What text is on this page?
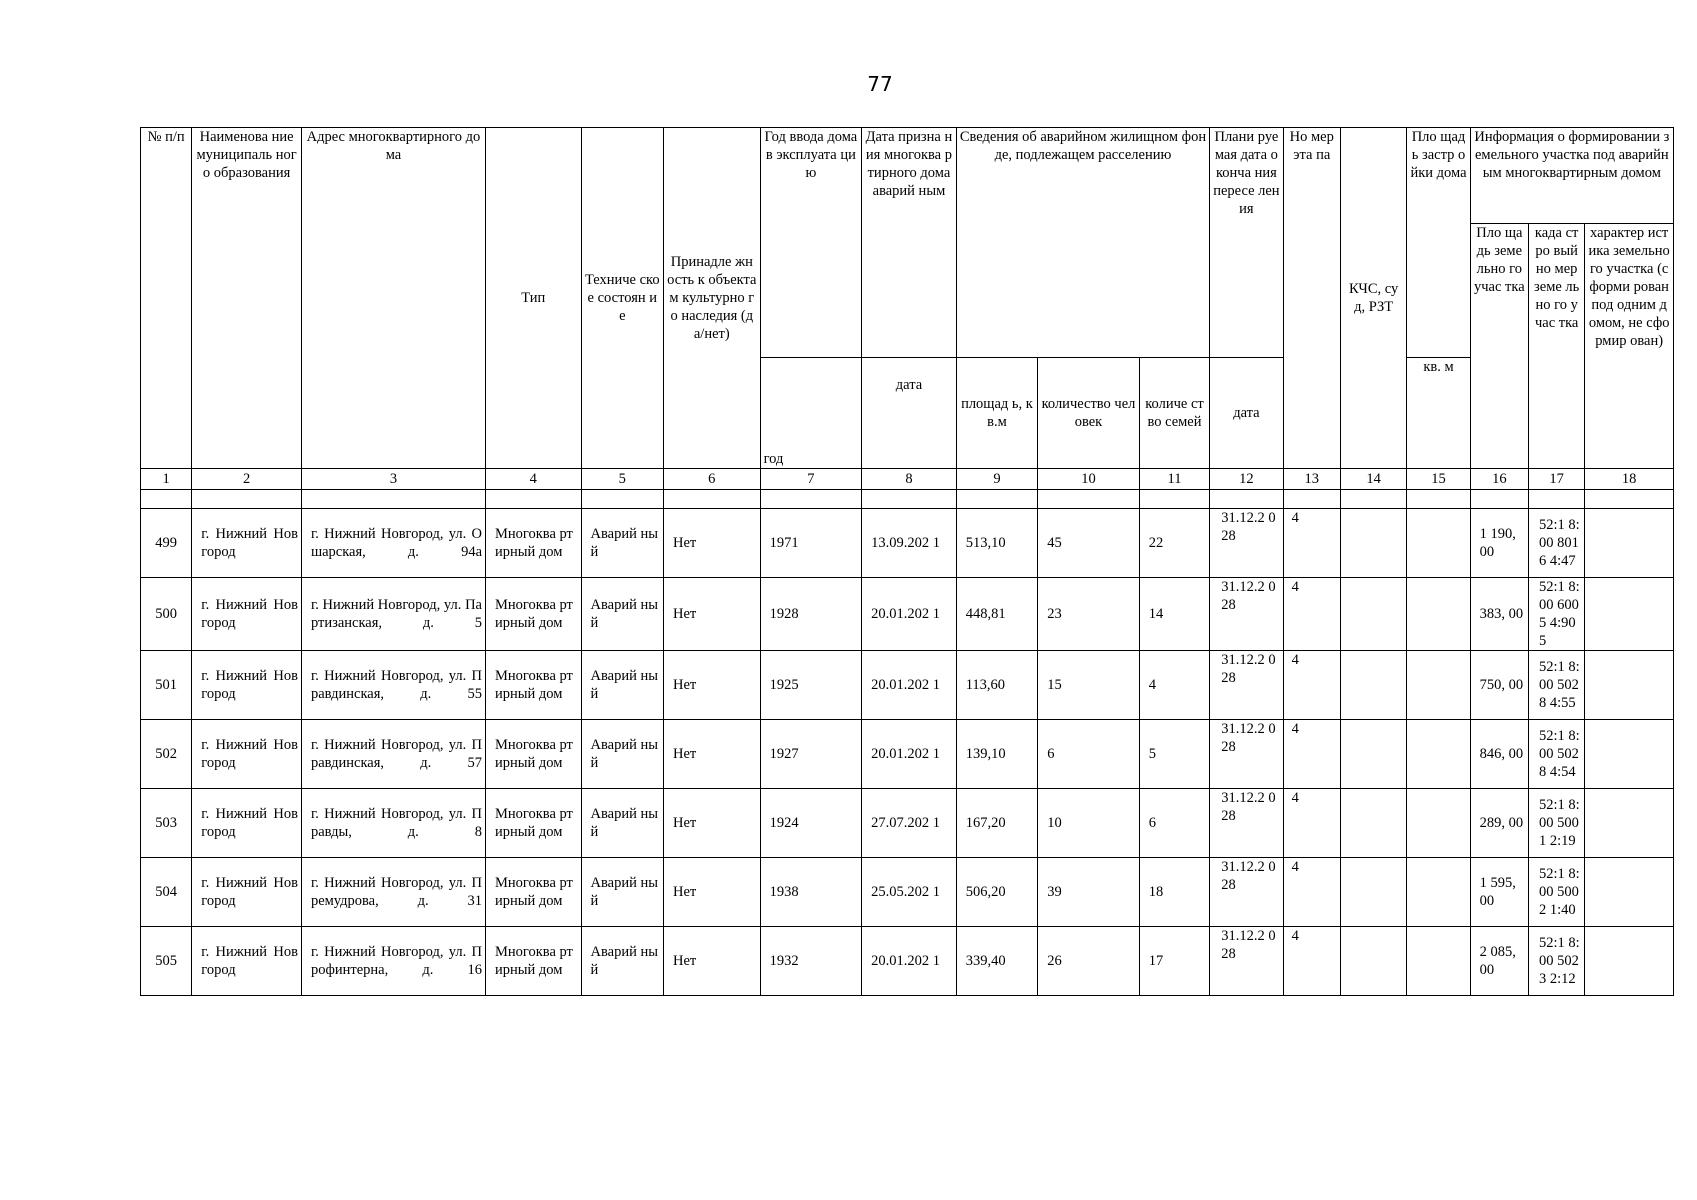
77
№ п/п	Наименова ние муниципаль ного образования	Адрес многоквартирного дома	Тип	Техниче ское состоян ие	Принадле жность к объектам культурно го наследия (да/нет)	Год ввода дома в эксплуата цию	Дата призна ния многоква ртирного дома аварий ным	Сведения об аварийном жилищном фонде, подлежащем расселению			Плани руемая дата оконча ния пересе ления	Но мер эта па	КЧС, суд, РЗТ	Пло щадь застр ойки дома	Информация о формировании земельного участка под аварийным многоквартирным домом		
															Пло щадь земе льно го учас тка	када стро вый но мер земе льно го учас тка	характер истика земельно го участка (сформи рован под одним домом, не сформир ован)
						год	дата	площад ь, кв.м	количество человек	количе ство семей	дата			кв. м			
1	2	3	4	5	6	7	8	9	10	11	12	13	14	15	16	17	18

499	г. Нижний Новгород	г. Нижний Новгород, ул. Ошарская, д. 94а	Многоква ртирный дом	Аварий ный	Нет	1971	13.09.202 1	513,10	45	22	31.12.2 028	4			1 190, 00	52:1 8:00 8016 4:47	
500	г. Нижний Новгород	г. Нижний Новгород, ул. Партизанская, д. 5	Многоква ртирный дом	Аварий ный	Нет	1928	20.01.202 1	448,81	23	14	31.12.2 028	4			383, 00	52:1 8:00 6005 4:90 5	
501	г. Нижний Новгород	г. Нижний Новгород, ул. Правдинская, д. 55	Многоква ртирный дом	Аварий ный	Нет	1925	20.01.202 1	113,60	15	4	31.12.2 028	4			750, 00	52:1 8:00 5028 4:55	
502	г. Нижний Новгород	г. Нижний Новгород, ул. Правдинская, д. 57	Многоква ртирный дом	Аварий ный	Нет	1927	20.01.202 1	139,10	6	5	31.12.2 028	4			846, 00	52:1 8:00 5028 4:54	
503	г. Нижний Новгород	г. Нижний Новгород, ул. Правды, д. 8	Многоква ртирный дом	Аварий ный	Нет	1924	27.07.202 1	167,20	10	6	31.12.2 028	4			289, 00	52:1 8:00 5001 2:19	
504	г. Нижний Новгород	г. Нижний Новгород, ул. Премудрова, д. 31	Многоква ртирный дом	Аварий ный	Нет	1938	25.05.202 1	506,20	39	18	31.12.2 028	4			1 595, 00	52:1 8:00 5002 1:40	
505	г. Нижний Новгород	г. Нижний Новгород, ул. Профинтерна, д. 16	Многоква ртирный дом	Аварий ный	Нет	1932	20.01.202 1	339,40	26	17	31.12.2 028	4			2 085, 00	52:1 8:00 5023 2:12	
